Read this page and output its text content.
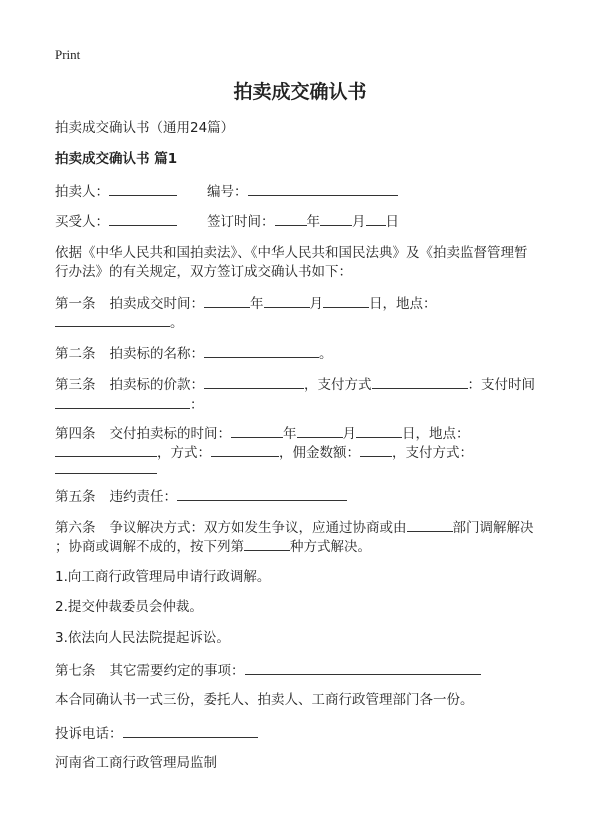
Print
拍卖成交确认书
拍卖成交确认书（通用24篇）
拍卖成交确认书 篇1
拍卖人：	编号：
买受人：	签订时间： 年 月 日
依据《中华人民共和国拍卖法》、《中华人民共和国民法典》及《拍卖监督管理暂
行办法》的有关规定，双方签订成交确认书如下：
第一条 拍卖成交时间：	年	月	日，地点：
。
第二条 拍卖标的名称：	。
第三条 拍卖标的价款：	，支付方式	：支付时间
：
第四条 交付拍卖标的时间：	年	月	日，地点：
，方式：	，佣金数额： ，支付方式：
第五条 违约责任：
第六条 争议解决方式：双方如发生争议，应通过协商或由	部门调解解决
；协商或调解不成的，按下列第	种方式解决。
1.向工商行政管理局申请行政调解。
2.提交仲裁委员会仲裁。
3.依法向人民法院提起诉讼。
第七条 其它需要约定的事项：
本合同确认书一式三份，委托人、拍卖人、工商行政管理部门各一份。
投诉电话：
河南省工商行政管理局监制
